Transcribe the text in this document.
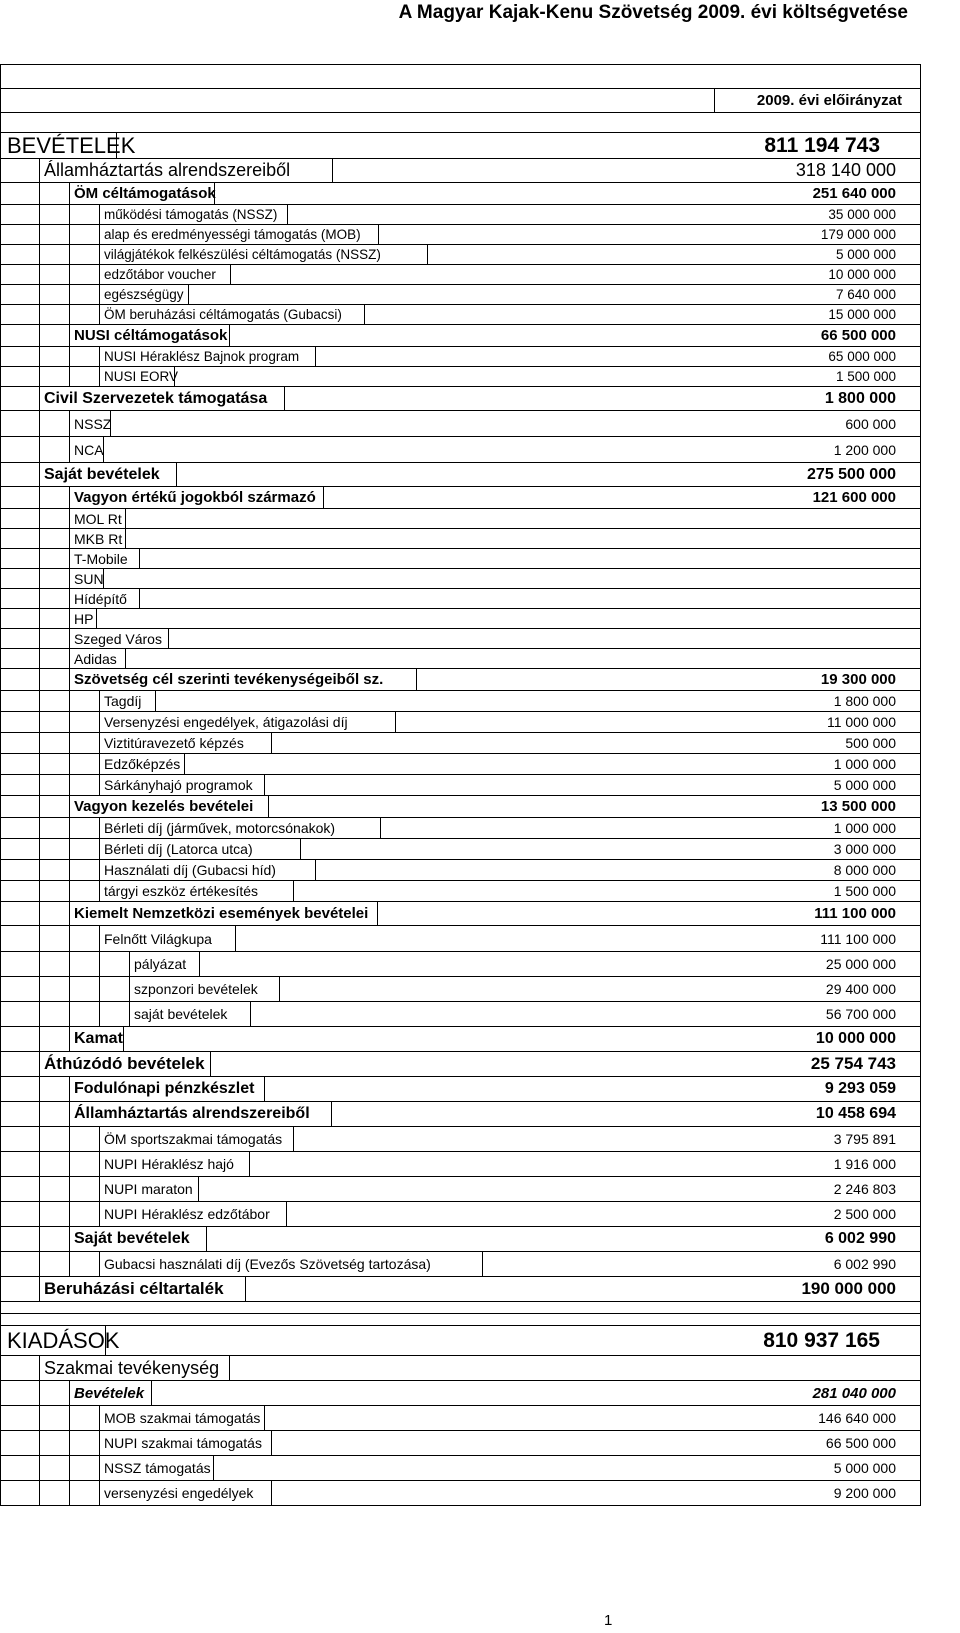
A Magyar Kajak-Kenu Szövetség 2009. évi költségvetése
2009. évi előirányzat
BEVÉTELEK	811 194 743
Államháztartás alrendszereiből	318 140 000
ÖM céltámogatások	251 640 000
működési támogatás (NSSZ)	35 000 000
alap és eredményességi támogatás (MOB)	179 000 000
világjátékok felkészülési céltámogatás (NSSZ)	5 000 000
edzőtábor voucher	10 000 000
egészségügy	7 640 000
ÖM beruházási céltámogatás (Gubacsi)	15 000 000
NUSI céltámogatások	66 500 000
NUSI Héraklész Bajnok program	65 000 000
NUSI EORV	1 500 000
Civil Szervezetek támogatása	1 800 000
NSSZ	600 000
NCA	1 200 000
Saját bevételek	275 500 000
Vagyon értékű jogokból származó	121 600 000
MOL Rt
MKB Rt
T-Mobile
SUN
Hídépítő
HP
Szeged Város
Adidas
Szövetség cél szerinti tevékenységeiből sz.	19 300 000
Tagdíj	1 800 000
Versenyzési engedélyek, átigazolási díj	11 000 000
Viztitúravezető képzés	500 000
Edzőképzés	1 000 000
Sárkányhajó programok	5 000 000
Vagyon kezelés bevételei	13 500 000
Bérleti díj (járművek, motorcsónakok)	1 000 000
Bérleti díj (Latorca utca)	3 000 000
Használati díj (Gubacsi híd)	8 000 000
tárgyi eszköz értékesítés	1 500 000
Kiemelt Nemzetközi események bevételei	111 100 000
Felnőtt Világkupa	111 100 000
pályázat	25 000 000
szponzori bevételek	29 400 000
saját bevételek	56 700 000
Kamat	10 000 000
Áthúzódó bevételek	25 754 743
Fodulónapi pénzkészlet	9 293 059
Államháztartás alrendszereiből	10 458 694
ÖM sportszakmai támogatás	3 795 891
NUPI Héraklész hajó	1 916 000
NUPI maraton	2 246 803
NUPI Héraklész edzőtábor	2 500 000
Saját bevételek	6 002 990
Gubacsi használati díj (Evezős Szövetség tartozása)	6 002 990
Beruházási céltartalék	190 000 000
KIADÁSOK	810 937 165
Szakmai tevékenység
Bevételek	281 040 000
MOB szakmai támogatás	146 640 000
NUPI szakmai támogatás	66 500 000
NSSZ támogatás	5 000 000
versenyzési engedélyek	9 200 000
1
